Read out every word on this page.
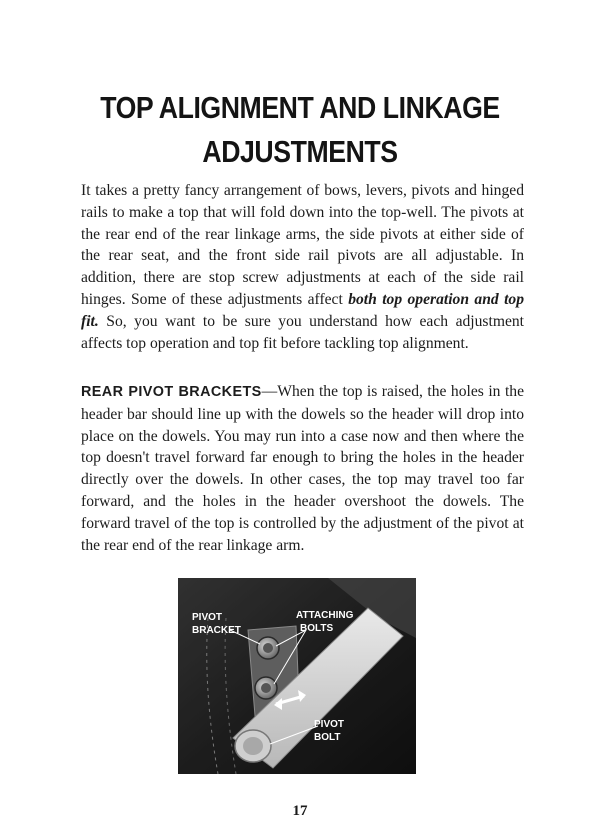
TOP ALIGNMENT AND LINKAGE
ADJUSTMENTS

It takes a pretty fancy arrangement of bows, levers, pivots and hinged rails to make a top that will fold down into the top-well. The pivots at the rear end of the rear linkage arms, the side pivots at either side of the rear seat, and the front side rail pivots are all adjustable. In addition, there are stop screw adjustments at each of the side rail hinges. Some of these adjustments affect both top operation and top fit. So, you want to be sure you understand how each adjustment affects top operation and top fit before tackling top alignment.

REAR PIVOT BRACKETS—When the top is raised, the holes in the header bar should line up with the dowels so the header will drop into place on the dowels. You may run into a case now and then where the top doesn't travel forward far enough to bring the holes in the header directly over the dowels. In other cases, the top may travel too far forward, and the holes in the header overshoot the dowels. The forward travel of the top is controlled by the adjustment of the pivot at the rear end of the rear linkage arm.

PIVOT
BRACKET
ATTACHING
BOLTS
PIVOT
BOLT
17
